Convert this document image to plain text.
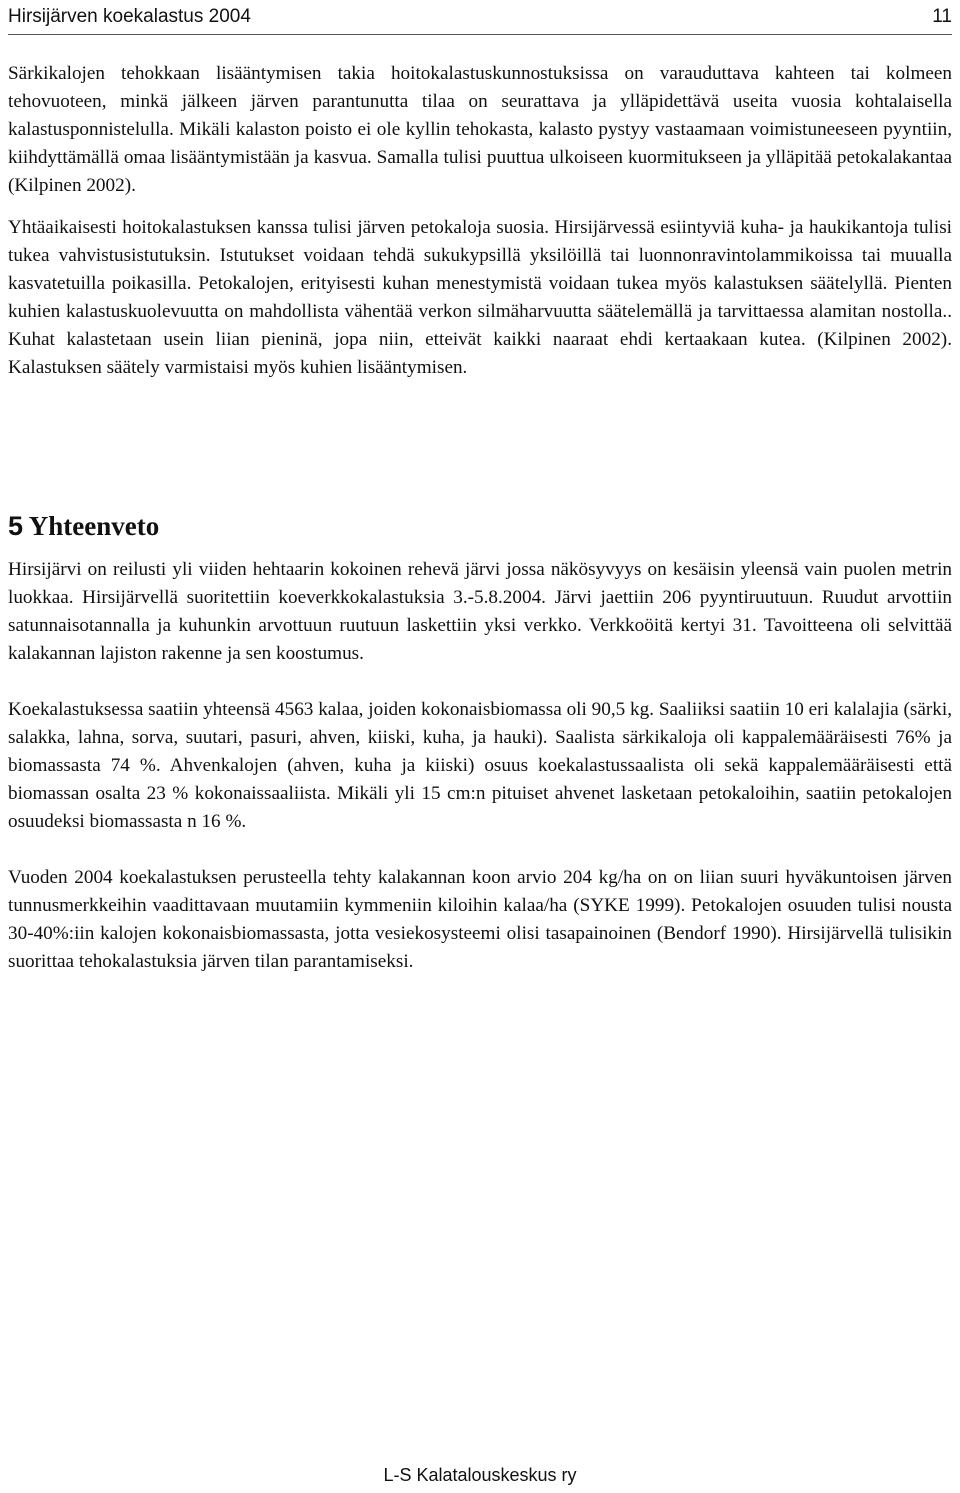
Hirsijärven koekalastus 2004	11

Särkikalojen tehokkaan lisääntymisen takia hoitokalastuskunnostuksissa on varauduttava kahteen tai kolmeen tehovuoteen, minkä jälkeen järven parantunutta tilaa on seurattava ja ylläpidettävä useita vuosia kohtalaisella kalastusponnistelulla. Mikäli kalaston poisto ei ole kyllin tehokasta, kalasto pystyy vastaamaan voimistuneeseen pyyntiin, kiihdyttämällä omaa lisääntymistään ja kasvua. Samalla tulisi puuttua ulkoiseen kuormitukseen ja ylläpitää petokalakantaa (Kilpinen 2002).

Yhtäaikaisesti hoitokalastuksen kanssa tulisi järven petokaloja suosia. Hirsijärvessä esiintyviä kuha- ja haukikantoja tulisi tukea vahvistusistutuksin. Istutukset voidaan tehdä sukukypsillä yksilöillä tai luonnonravintolammikoissa tai muualla kasvatetuilla poikasilla. Petokalojen, erityisesti kuhan menestymistä voidaan tukea myös kalastuksen säätelyllä. Pienten kuhien kalastuskuolevuutta on mahdollista vähentää verkon silmäharvuutta säätelemällä ja tarvittaessa alamitan nostolla.. Kuhat kalastetaan usein liian pieninä, jopa niin, etteivät kaikki naaraat ehdi kertaakaan kutea. (Kilpinen 2002). Kalastuksen säätely varmistaisi myös kuhien lisääntymisen.

5 Yhteenveto

Hirsijärvi on reilusti yli viiden hehtaarin kokoinen rehevä järvi jossa näkösyvyys on kesäisin yleensä vain puolen metrin luokkaa. Hirsijärvellä suoritettiin koeverkkokalastuksia 3.-5.8.2004. Järvi jaettiin 206 pyyntiruutuun. Ruudut arvottiin satunnaisotannalla ja kuhunkin arvottuun ruutuun laskettiin yksi verkko. Verkkoöitä kertyi 31. Tavoitteena oli selvittää kalakannan lajiston rakenne ja sen koostumus.

Koekalastuksessa saatiin yhteensä 4563 kalaa, joiden kokonaisbiomassa oli 90,5 kg. Saaliiksi saatiin 10 eri kalalajia (särki, salakka, lahna, sorva, suutari, pasuri, ahven, kiiski, kuha, ja hauki). Saalista särkikaloja oli kappalemääräisesti 76% ja biomassasta 74 %. Ahvenkalojen (ahven, kuha ja kiiski) osuus koekalastussaalista oli sekä kappalemääräisesti että biomassan osalta 23 % kokonaissaaliista. Mikäli yli 15 cm:n pituiset ahvenet lasketaan petokaloihin, saatiin petokalojen osuudeksi biomassasta n 16 %.

Vuoden 2004 koekalastuksen perusteella tehty kalakannan koon arvio 204 kg/ha on on liian suuri hyväkuntoisen järven tunnusmerkkeihin vaadittavaan muutamiin kymmeniin kiloihin kalaa/ha (SYKE 1999). Petokalojen osuuden tulisi nousta 30-40%:iin kalojen kokonaisbiomassasta, jotta vesiekosysteemi olisi tasapainoinen (Bendorf 1990). Hirsijärvellä tulisikin suorittaa tehokalastuksia järven tilan parantamiseksi.

L-S Kalatalouskeskus ry
